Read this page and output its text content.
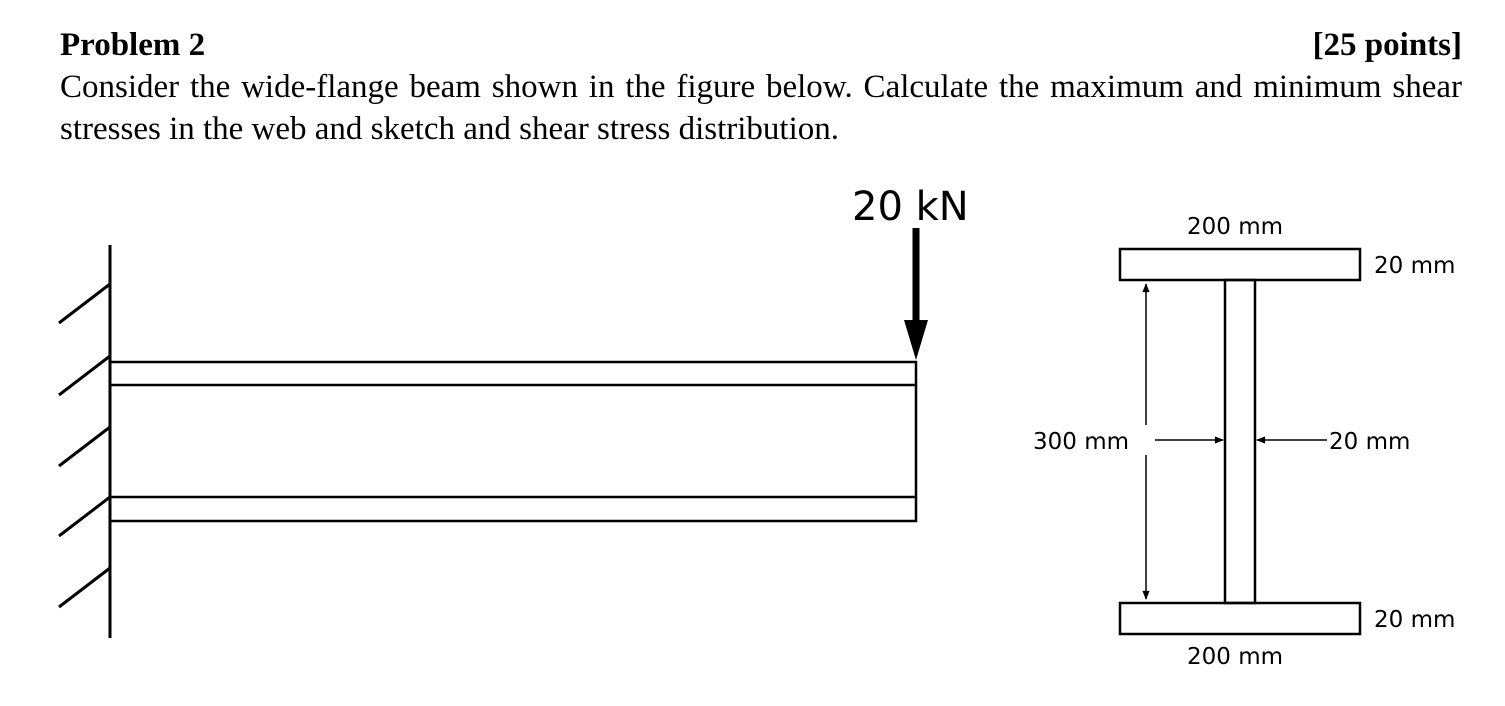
Problem 2	[25 points]

Consider the wide-flange beam shown in the figure below. Calculate the maximum and minimum shear stresses in the web and sketch and shear stress distribution.

20 kN	200 mm
20 mm
300 mm	20 mm
20 mm
200 mm
